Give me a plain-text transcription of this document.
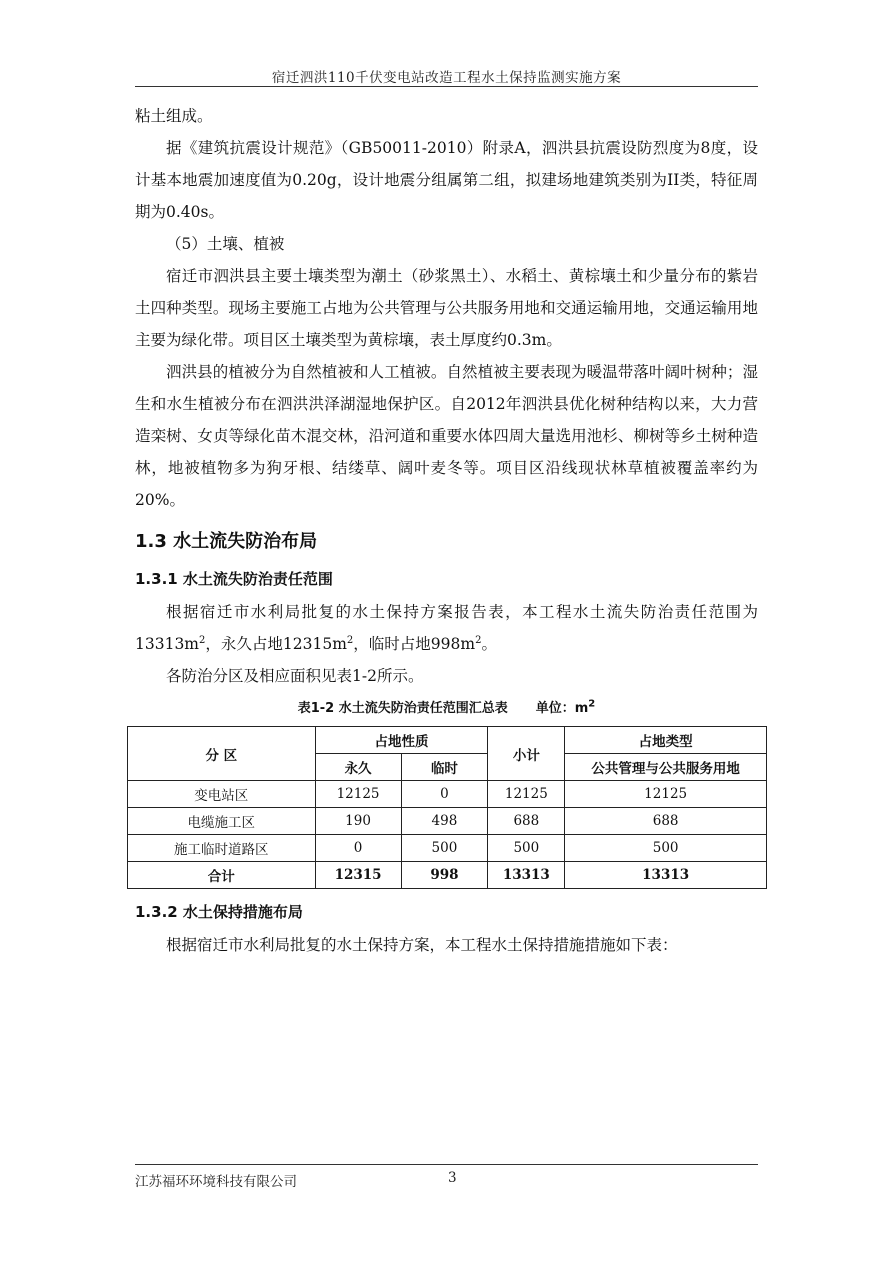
宿迁泗洪110千伏变电站改造工程水土保持监测实施方案

粘土组成。

据《建筑抗震设计规范》（GB50011-2010）附录A，泗洪县抗震设防烈度为8度，设计基本地震加速度值为0.20g，设计地震分组属第二组，拟建场地建筑类别为II类，特征周期为0.40s。

（5）土壤、植被

宿迁市泗洪县主要土壤类型为潮土（砂浆黑土）、水稻土、黄棕壤土和少量分布的紫岩土四种类型。现场主要施工占地为公共管理与公共服务用地和交通运输用地，交通运输用地主要为绿化带。项目区土壤类型为黄棕壤，表土厚度约0.3m。

泗洪县的植被分为自然植被和人工植被。自然植被主要表现为暖温带落叶阔叶树种；湿生和水生植被分布在泗洪洪泽湖湿地保护区。自2012年泗洪县优化树种结构以来，大力营造栾树、女贞等绿化苗木混交林，沿河道和重要水体四周大量选用池杉、柳树等乡土树种造林，地被植物多为狗牙根、结缕草、阔叶麦冬等。项目区沿线现状林草植被覆盖率约为20%。

1.3 水土流失防治布局
1.3.1 水土流失防治责任范围

根据宿迁市水利局批复的水土保持方案报告表，本工程水土流失防治责任范围为$13313m^2$，永久占地$12315m^2$，临时占地$998m^2$。

各防治分区及相应面积见表1-2所示。

表1-2 水土流失防治责任范围汇总表 单位：$m^2$
分 区	占地性质		小计	占地类型
	永久	临时		公共管理与公共服务用地
变电站区	12125	0	12125	12125
电缆施工区	190	498	688	688
施工临时道路区	0	500	500	500
合计	12315	998	13313	13313
1.3.2 水土保持措施布局

根据宿迁市水利局批复的水土保持方案，本工程水土保持措施措施如下表：

江苏福环环境科技有限公司	3
